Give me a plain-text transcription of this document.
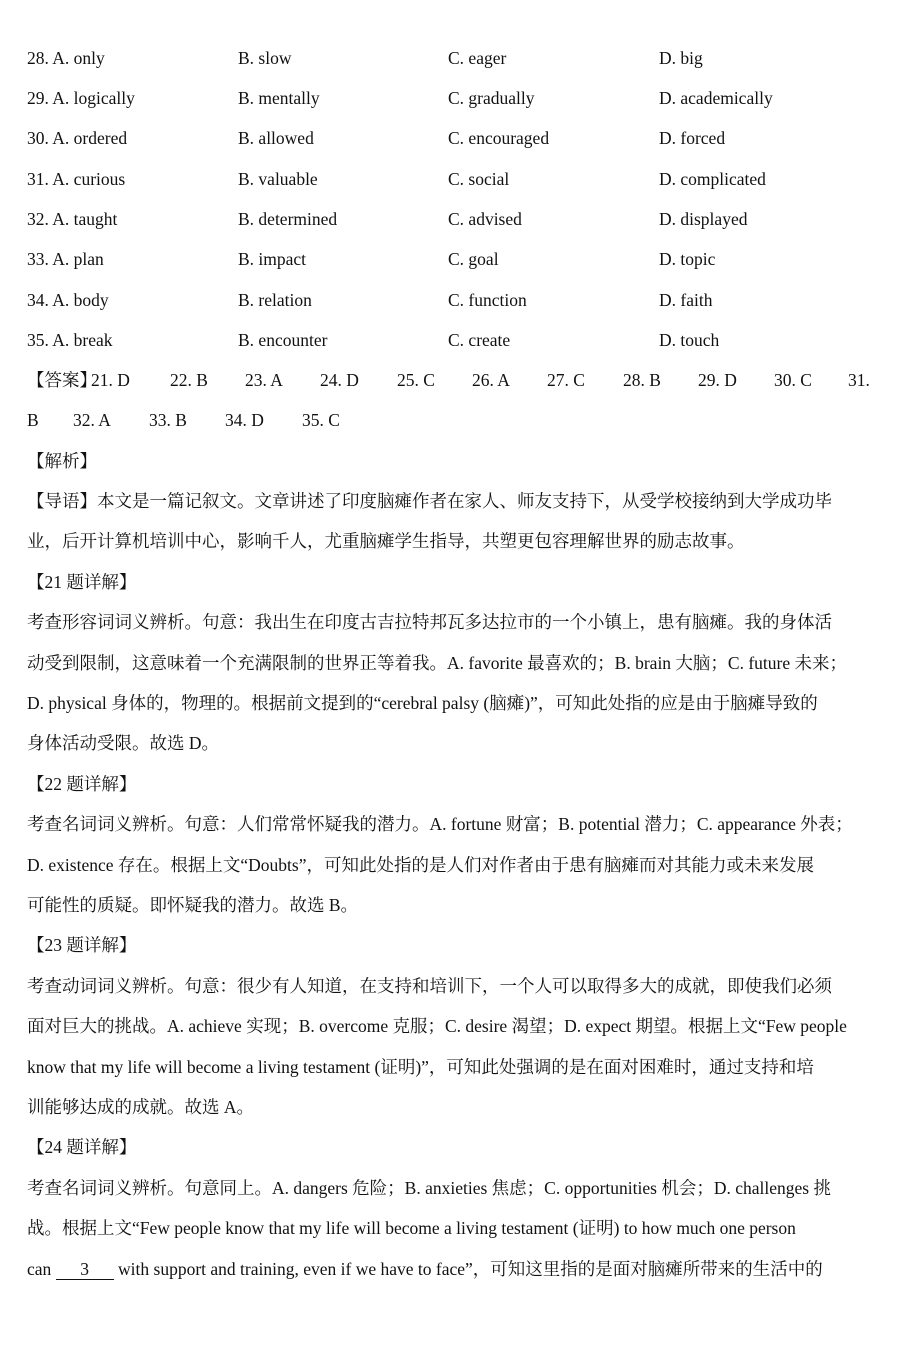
28. A. only	B. slow	C. eager	D. big
29. A. logically	B. mentally	C. gradually	D. academically
30. A. ordered	B. allowed	C. encouraged	D. forced
31. A. curious	B. valuable	C. social	D. complicated
32. A. taught	B. determined	C. advised	D. displayed
33. A. plan	B. impact	C. goal	D. topic
34. A. body	B. relation	C. function	D. faith
35. A. break	B. encounter	C. create	D. touch
【答案】
21. D 22. B 23. A 24. D 25. C 26. A 27. C 28. B 29. D 30. C 31.
B 32. A 33. B 34. D 35. C
【解析】
【导语】本文是一篇记叙文。文章讲述了印度脑瘫作者在家人、师友支持下，从受学校接纳到大学成功毕
业，后开计算机培训中心，影响千人，尤重脑瘫学生指导，共塑更包容理解世界的励志故事。
【21 题详解】
考查形容词词义辨析。句意：我出生在印度古吉拉特邦瓦多达拉市的一个小镇上，患有脑瘫。我的身体活
动受到限制，这意味着一个充满限制的世界正等着我。A. favorite 最喜欢的；B. brain 大脑；C. future 未来；
D. physical 身体的，物理的。根据前文提到的“cerebral palsy (脑瘫)”，可知此处指的应是由于脑瘫导致的
身体活动受限。故选 D。
【22 题详解】
考查名词词义辨析。句意：人们常常怀疑我的潜力。A. fortune 财富；B. potential 潜力；C. appearance 外表；
D. existence 存在。根据上文“Doubts”，可知此处指的是人们对作者由于患有脑瘫而对其能力或未来发展
可能性的质疑。即怀疑我的潜力。故选 B。
【23 题详解】
考查动词词义辨析。句意：很少有人知道，在支持和培训下，一个人可以取得多大的成就，即使我们必须
面对巨大的挑战。A. achieve 实现；B. overcome 克服；C. desire 渴望；D. expect 期望。根据上文“Few people
know that my life will become a living testament (证明)”，可知此处强调的是在面对困难时，通过支持和培
训能够达成的成就。故选 A。
【24 题详解】
考查名词词义辨析。句意同上。A. dangers 危险；B. anxieties 焦虑；C. opportunities 机会；D. challenges 挑
战。根据上文“Few people know that my life will become a living testament (证明) to how much one person
can 3 with support and training, even if we have to face”，可知这里指的是面对脑瘫所带来的生活中的
